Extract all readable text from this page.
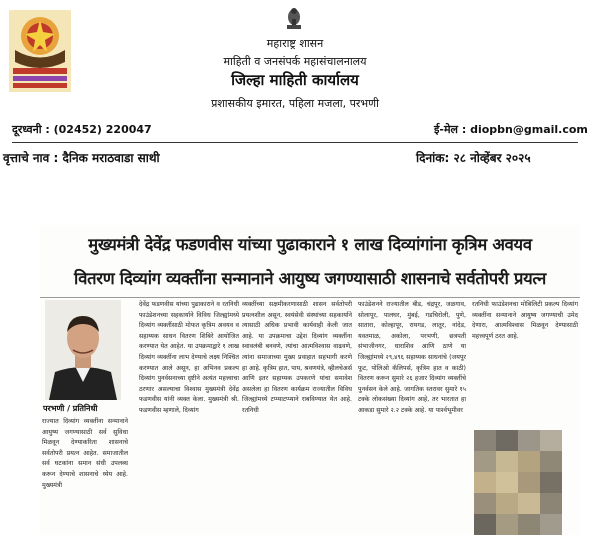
महाराष्ट्र शासन
माहिती व जनसंपर्क महासंचालनालय
जिल्हा माहिती कार्यालय
प्रशासकीय इमारत, पहिला मजला, परभणी
दूरध्वनी : (02452) 220047	ई-मेल : diopbn@gmail.com
वृत्ताचे नाव : दैनिक मराठवाडा साथी	दिनांक: २८ नोव्हेंबर २०२५
मुख्यमंत्री देवेंद्र फडणवीस यांच्या पुढाकाराने १ लाख दिव्यांगांना कृत्रिम अवयव
वितरण दिव्यांग व्यक्तींना सन्मानाने आयुष्य जगण्यासाठी शासनाचे सर्वतोपरी प्रयत्न
परभणी / प्रतिनिधी
राज्यात दिव्यांग व्यक्तींना सन्मानाने आयुष्य जगण्यासाठी सर्व सुविधा मिळवून देण्याकरिता शासनाचे सर्वतोपरी प्रयत्न आहेत. समाजातील सर्व घटकांना समान संधी उपलब्ध करून देण्याचे शासनाचे ध्येय आहे. मुख्यमंत्री
देवेंद्र फडणवीस यांच्या पुढाकाराने व रतनिधी फाउंडेशनच्या सहकार्याने विविध जिल्ह्यांमध्ये दिव्यांग व्यक्तींसाठी मोफत कृत्रिम अवयव व सहाय्यक साधन वितरण शिबिरे आयोजित करण्यात येत आहेत. या उपक्रमाद्वारे १ लाख दिव्यांग व्यक्तींना लाभ देण्याचे लक्ष्य निश्चित करण्यात आले असून, हा अभिनव प्रकल्प दिव्यांग पुनर्वसनाच्या दृष्टीने अत्यंत महत्त्वाचा ठरणार असल्याचा विश्वास मुख्यमंत्री देवेंद्र फडणवीस यांनी व्यक्त केला. मुख्यमंत्री श्री. फडणवीस म्हणाले, दिव्यांग
व्यक्तींच्या सक्षमीकरणासाठी शासन सर्वतोपरी प्रयत्नशील असून, स्वयंसेवी संस्थांच्या सहकार्याने त्यासाठी अधिक प्रभावी कार्यवाही केली जात आहे. या उपक्रमाचा उद्देश दिव्यांग व्यक्तींना स्वावलंबी बनवणे, त्यांचा आत्मविश्वास वाढवणे, त्यांना समाजाच्या मुख्य प्रवाहात सहभागी करणे हा आहे. कृत्रिम हात, पाय, श्रवणयंत्रे, व्हीलचेअर्स आणि इतर सहाय्यक उपकरणे यांचा समावेश असलेला हा वितरण कार्यक्रम राज्यातील विविध जिल्ह्यांमध्ये टप्प्याटप्प्याने राबविण्यात येत आहे. रतनिधी
फाउंडेशनने राज्यातील बीड, चंद्रपूर, जळगाव, सोलापूर, पालघर, मुंबई, गडचिरोली, पुणे, सातारा, कोल्हापूर, रायगड, लातूर, नांदेड, यवतमाळ, अकोला, परभणी, छत्रपती संभाजीनगर, धाराशिव आणि ठाणे या जिल्ह्यांमध्ये २९,४९६ सहाय्यक साधनांचे (जयपूर फूट, पोलिओ कॅलिपर्स, कृत्रिम हात व काठी) वितरण करून सुमारे २६ हजार दिव्यांग व्यक्तींचे पुनर्वसन केले आहे. जागतिक स्तरावर सुमारे १५ टक्के लोकसंख्या दिव्यांग आहे, तर भारतात हा आकडा सुमारे २.२ टक्के आहे. या पार्श्वभूमीवर
रतनिधी फाउंडेशनचा मोबिलिटी प्रकल्प दिव्यांग व्यक्तींना सन्मानाने आयुष्य जगण्याची उमेद देणारा, आत्मविश्वास मिळवून देण्यासाठी महत्त्वपूर्ण ठरत आहे.
